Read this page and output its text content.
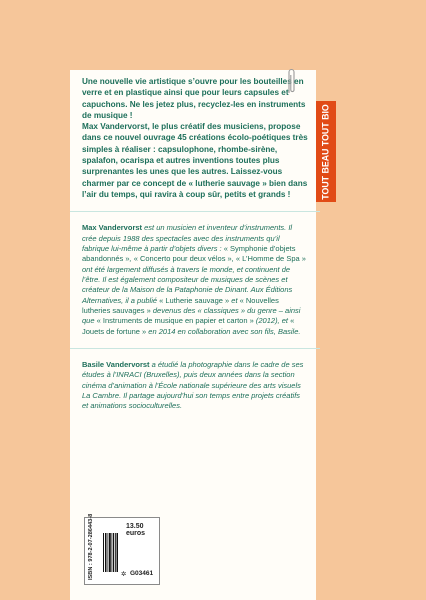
Une nouvelle vie artistique s’ouvre pour les bouteilles en verre et en plastique ainsi que pour leurs capsules et capuchons. Ne les jetez plus, recyclez-les en instruments de musique !
Max Vandervorst, le plus créatif des musiciens, propose dans ce nouvel ouvrage 45 créations écolo-poétiques très simples à réaliser : capsulophone, rhombe-sirène, spalafon, ocarispa et autres inventions toutes plus surprenantes les unes que les autres. Laissez-vous charmer par ce concept de « lutherie sauvage » bien dans l’air du temps, qui ravira à coup sûr, petits et grands !

Max Vandervorst est un musicien et inventeur d’instruments. Il crée depuis 1988 des spectacles avec des instruments qu’il fabrique lui-même à partir d’objets divers : « Symphonie d’objets abandonnés », « Concerto pour deux vélos », « L’Homme de Spa » ont été largement diffusés à travers le monde, et continuent de l’être. Il est également compositeur de musiques de scènes et créateur de la Maison de la Pataphonie de Dinant. Aux Éditions Alternatives, il a publié « Lutherie sauvage » et « Nouvelles lutheries sauvages » devenus des « classiques » du genre – ainsi que « Instruments de musique en papier et carton » (2012), et « Jouets de fortune » en 2014 en collaboration avec son fils, Basile.

Basile Vandervorst a étudié la photographie dans le cadre de ses études à l’INRACI (Bruxelles), puis deux années dans la section cinéma d’animation à l’École nationale supérieure des arts visuels La Cambre. Il partage aujourd’hui son temps entre projets créatifs et animations socioculturelles.

TOUT BEAU TOUT BIO
13.50 euros
ISBN : 978-2-07-286443-8	✲ G03461
